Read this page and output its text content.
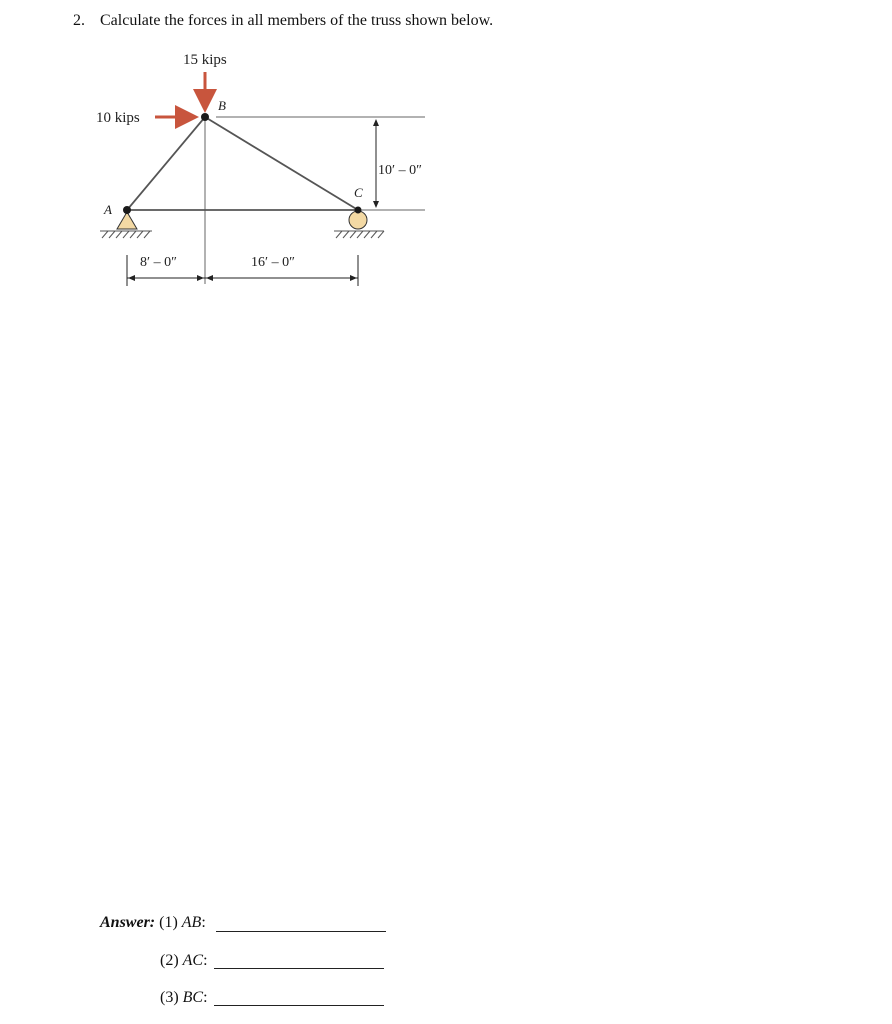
2. Calculate the forces in all members of the truss shown below.
15 kips
10 kips
A
B
C
10′ – 0″
8′ – 0″	16′ – 0″
Answer: (1) AB:
(2) AC:
(3) BC:
